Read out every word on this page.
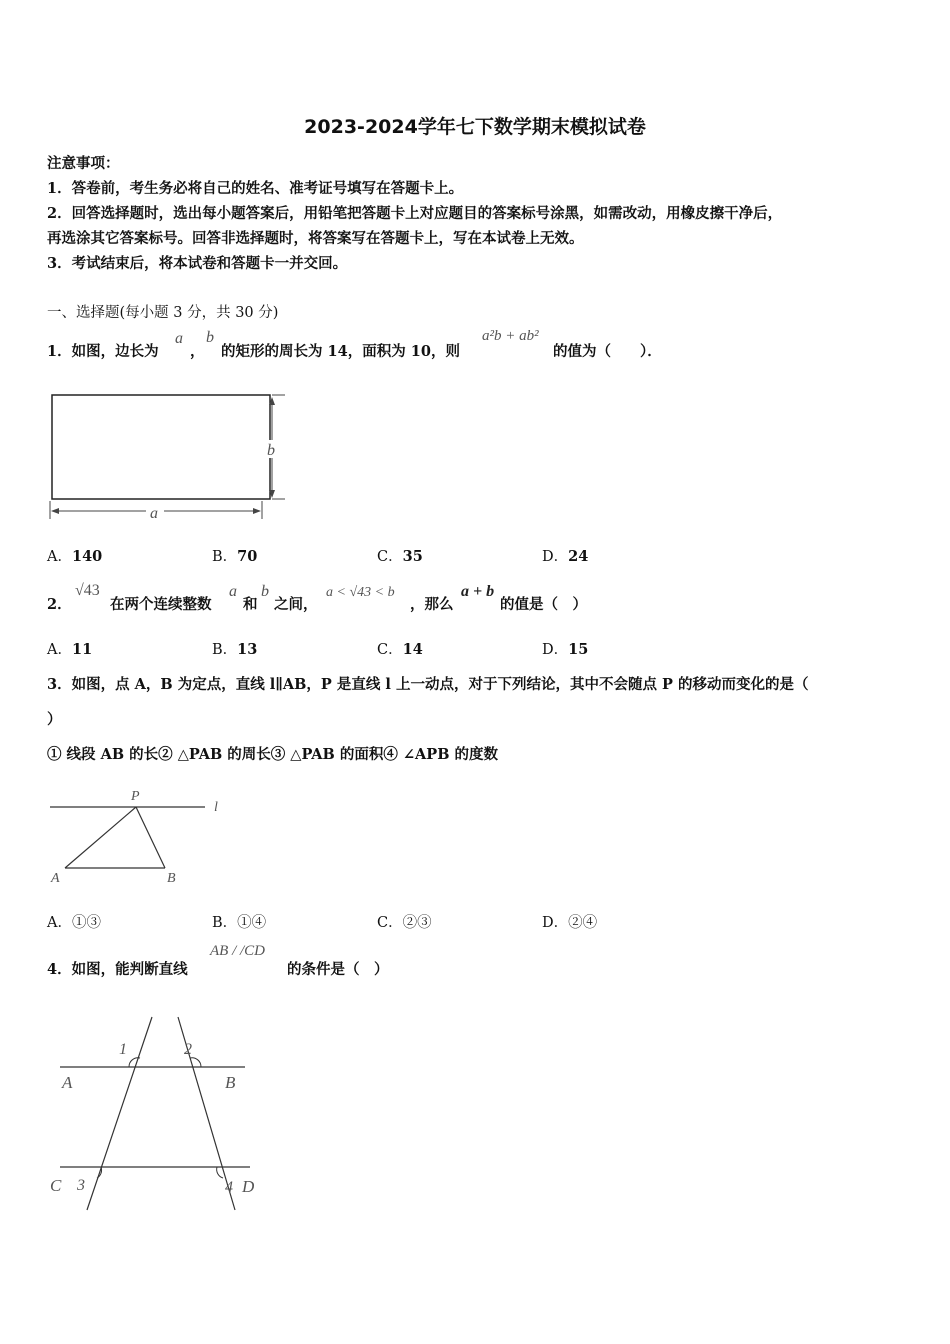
2023-2024学年七下数学期末模拟试卷
注意事项：
1．答卷前，考生务必将自己的姓名、准考证号填写在答题卡上。
2．回答选择题时，选出每小题答案后，用铅笔把答题卡上对应题目的答案标号涂黑，如需改动，用橡皮擦干净后，
再选涂其它答案标号。回答非选择题时，将答案写在答题卡上，写在本试卷上无效。
3．考试结束后，将本试卷和答题卡一并交回。
一、选择题(每小题 3 分，共 30 分)
1．如图，边长为
a
，
b
的矩形的周长为 14，面积为 10，则
a²b + ab²
的值为（　　）．
b
a
A．140	B．70	C．35	D．24
2．
√43
在两个连续整数
a
和
b
之间，
a < √43 < b
，那么
a + b
的值是（　）
A．11	B．13	C．14	D．15
3．如图，点 A，B 为定点，直线 l∥AB，P 是直线 l 上一动点，对于下列结论，其中不会随点 P 的移动而变化的是（
）
① 线段 AB 的长② △PAB 的周长③ △PAB 的面积④ ∠APB 的度数
P
l
A	B
A．①③	B．①④	C．②③	D．②④
4．如图，能判断直线
AB / /CD
的条件是（　）
1	2
3	4
A	B
C	D
